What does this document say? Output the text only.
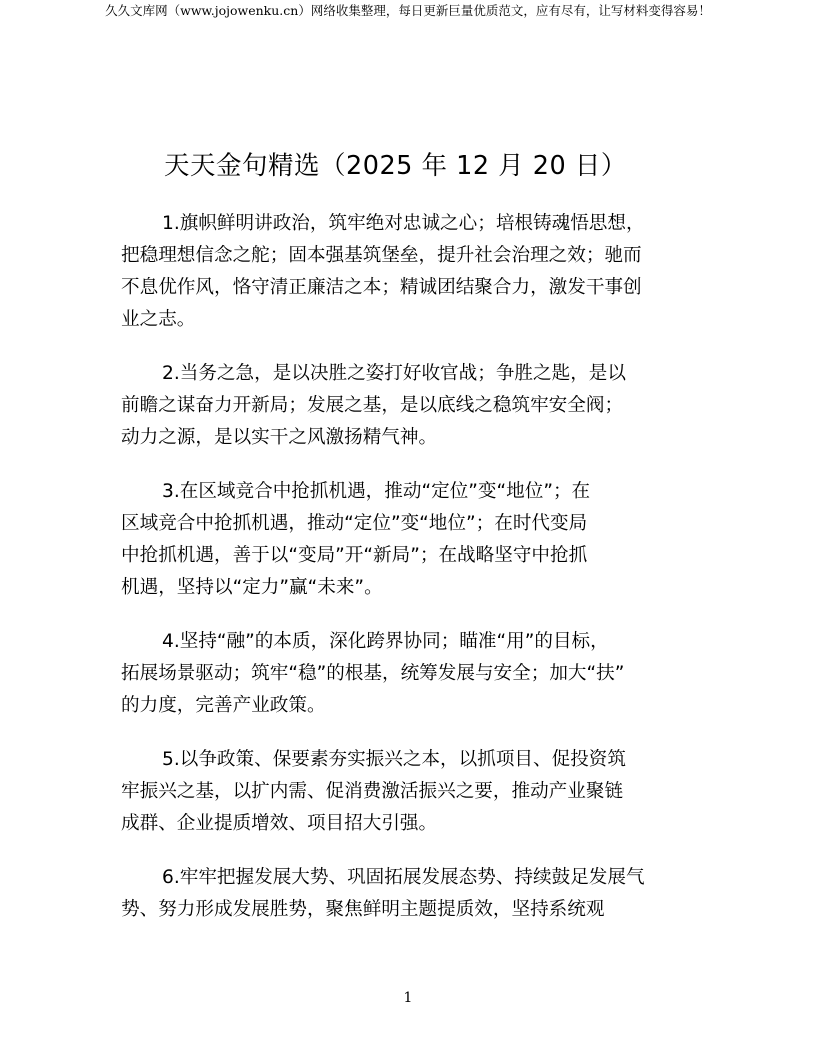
久久文库网（www.jojowenku.cn）网络收集整理，每日更新巨量优质范文，应有尽有，让写材料变得容易！
天天金句精选（2025 年 12 月 20 日）

1.旗帜鲜明讲政治，筑牢绝对忠诚之心；培根铸魂悟思想，
把稳理想信念之舵；固本强基筑堡垒，提升社会治理之效；驰而
不息优作风，恪守清正廉洁之本；精诚团结聚合力，激发干事创
业之志。

2.当务之急，是以决胜之姿打好收官战；争胜之匙，是以
前瞻之谋奋力开新局；发展之基，是以底线之稳筑牢安全阀；
动力之源，是以实干之风激扬精气神。

3.在区域竞合中抢抓机遇，推动“定位”变“地位”；在
区域竞合中抢抓机遇，推动“定位”变“地位”；在时代变局
中抢抓机遇，善于以“变局”开“新局”；在战略坚守中抢抓
机遇，坚持以“定力”赢“未来”。

4.坚持“融”的本质，深化跨界协同；瞄准“用”的目标，
拓展场景驱动；筑牢“稳”的根基，统筹发展与安全；加大“扶”
的力度，完善产业政策。

5.以争政策、保要素夯实振兴之本，以抓项目、促投资筑
牢振兴之基，以扩内需、促消费激活振兴之要，推动产业聚链
成群、企业提质增效、项目招大引强。

6.牢牢把握发展大势、巩固拓展发展态势、持续鼓足发展气
势、努力形成发展胜势，聚焦鲜明主题提质效，坚持系统观

1
